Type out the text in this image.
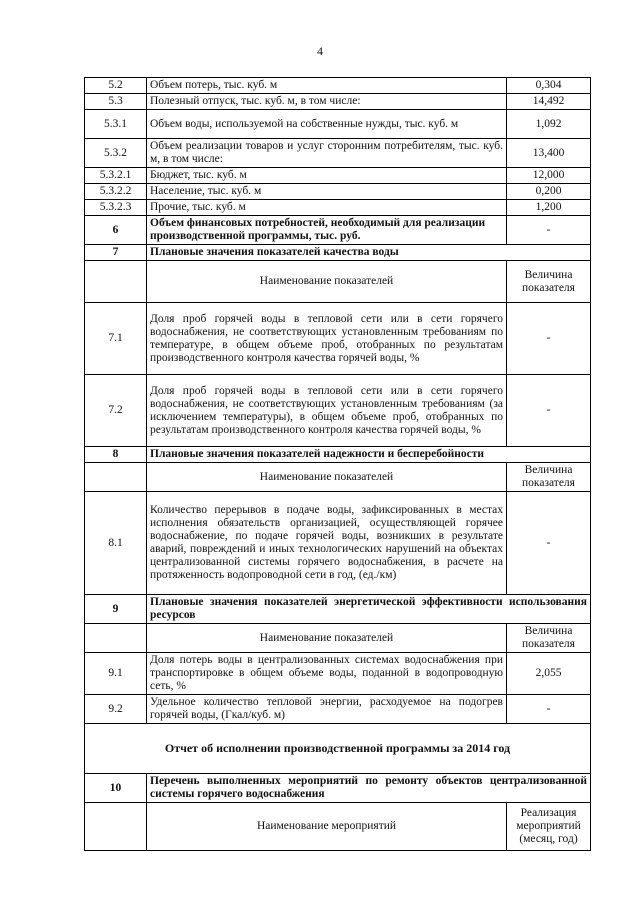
4
5.2	Объем потерь, тыс. куб. м	0,304
5.3	Полезный отпуск, тыс. куб. м, в том числе:	14,492
5.3.1	Объем воды, используемой на собственные нужды, тыс. куб. м	1,092
5.3.2	Объем реализации товаров и услуг сторонним потребителям, тыс. куб. м, в том числе:	13,400
5.3.2.1	Бюджет, тыс. куб. м	12,000
5.3.2.2	Население, тыс. куб. м	0,200
5.3.2.3	Прочие, тыс. куб. м	1,200
6	Объем финансовых потребностей, необходимый для реализации производственной программы, тыс. руб.	-
7	Плановые значения показателей качества воды	
	Наименование показателей	Величина показателя
7.1	Доля проб горячей воды в тепловой сети или в сети горячего водоснабжения, не соответствующих установленным требованиям по температуре, в общем объеме проб, отобранных по результатам производственного контроля качества горячей воды, %	-
7.2	Доля проб горячей воды в тепловой сети или в сети горячего водоснабжения, не соответствующих установленным требованиям (за исключением температуры), в общем объеме проб, отобранных по результатам производственного контроля качества горячей воды, %	-
8	Плановые значения показателей надежности и бесперебойности	
	Наименование показателей	Величина показателя
8.1	Количество перерывов в подаче воды, зафиксированных в местах исполнения обязательств организацией, осуществляющей горячее водоснабжение, по подаче горячей воды, возникших в результате аварий, повреждений и иных технологических нарушений на объектах централизованной системы горячего водоснабжения, в расчете на протяженность водопроводной сети в год, (ед./км)	-
9	Плановые значения показателей энергетической эффективности использования ресурсов	
	Наименование показателей	Величина показателя
9.1	Доля потерь воды в централизованных системах водоснабжения при транспортировке в общем объеме воды, поданной в водопроводную сеть, %	2,055
9.2	Удельное количество тепловой энергии, расходуемое на подогрев горячей воды, (Гкал/куб. м)	-
Отчет об исполнении производственной программы за 2014 год		
10	Перечень выполненных мероприятий по ремонту объектов централизованной системы горячего водоснабжения	
	Наименование мероприятий	Реализация мероприятий (месяц, год)
